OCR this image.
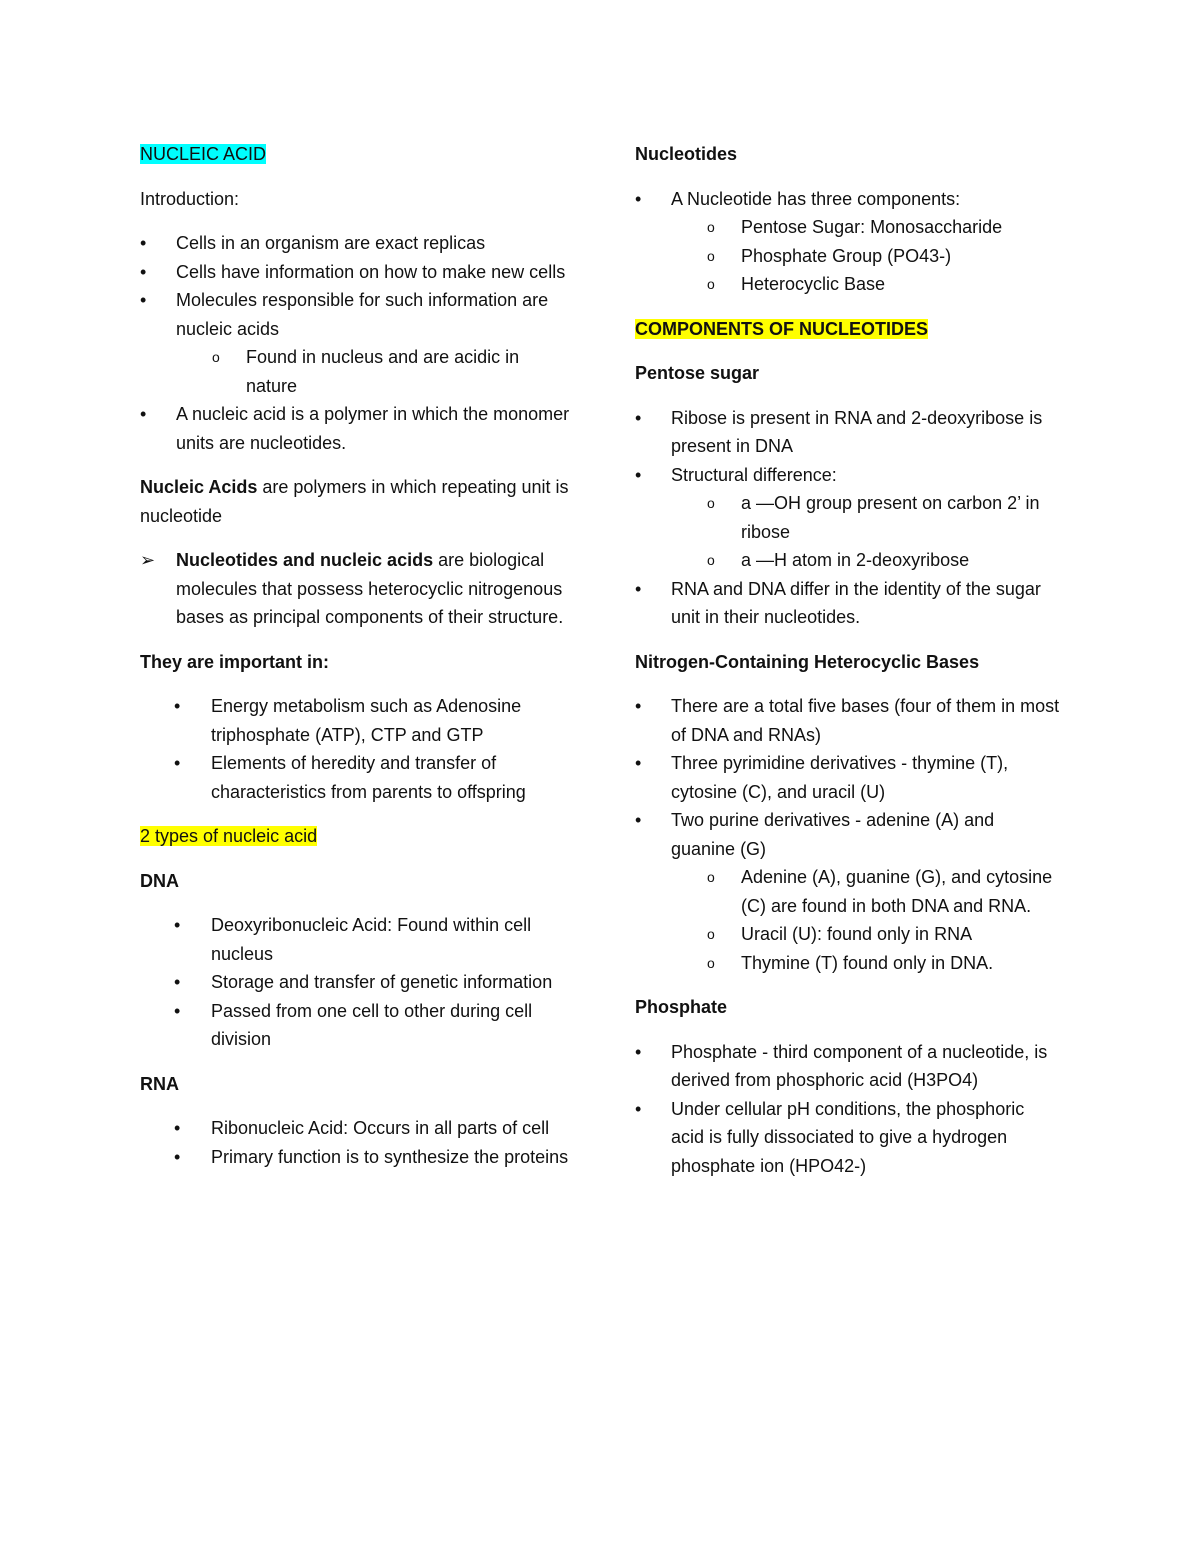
NUCLEIC ACID

Introduction:

•	Cells in an organism are exact replicas
•	Cells have information on how to make new cells
•	Molecules responsible for such information are nucleic acids
o	Found in nucleus and are acidic in nature
•	A nucleic acid is a polymer in which the monomer units are nucleotides.

Nucleic Acids are polymers in which repeating unit is nucleotide

➢	Nucleotides and nucleic acids are biological molecules that possess heterocyclic nitrogenous bases as principal components of their structure.

They are important in:

•	Energy metabolism such as Adenosine triphosphate (ATP), CTP and GTP
•	Elements of heredity and transfer of characteristics from parents to offspring

2 types of nucleic acid

DNA

•	Deoxyribonucleic Acid: Found within cell nucleus
•	Storage and transfer of genetic information
•	Passed from one cell to other during cell division

RNA

•	Ribonucleic Acid: Occurs in all parts of cell
•	Primary function is to synthesize the proteins

Nucleotides

•	A Nucleotide has three components:
o	Pentose Sugar: Monosaccharide
o	Phosphate Group (PO43-)
o	Heterocyclic Base

COMPONENTS OF NUCLEOTIDES

Pentose sugar

•	Ribose is present in RNA and 2-deoxyribose is present in DNA
•	Structural difference:
o	a —OH group present on carbon 2’ in ribose
o	a —H atom in 2-deoxyribose
•	RNA and DNA differ in the identity of the sugar unit in their nucleotides.

Nitrogen-Containing Heterocyclic Bases

•	There are a total five bases (four of them in most of DNA and RNAs)
•	Three pyrimidine derivatives - thymine (T), cytosine (C), and uracil (U)
•	Two purine derivatives - adenine (A) and guanine (G)
o	Adenine (A), guanine (G), and cytosine (C) are found in both DNA and RNA.
o	Uracil (U): found only in RNA
o	Thymine (T) found only in DNA.

Phosphate

•	Phosphate - third component of a nucleotide, is derived from phosphoric acid (H3PO4)
•	Under cellular pH conditions, the phosphoric acid is fully dissociated to give a hydrogen phosphate ion (HPO42-)
